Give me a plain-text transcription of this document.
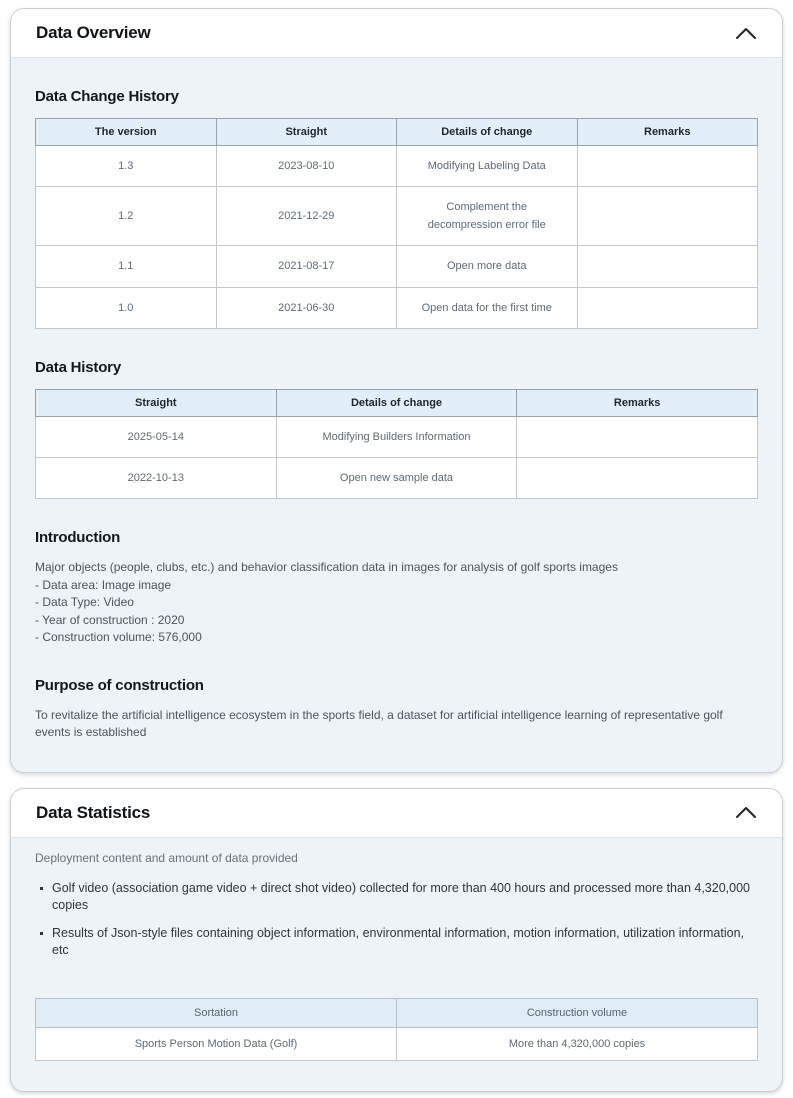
Data Overview
Data Change History
The version	Straight	Details of change	Remarks
1.3	2023-08-10	Modifying Labeling Data	
1.2	2021-12-29	Complement the decompression error file	
1.1	2021-08-17	Open more data	
1.0	2021-06-30	Open data for the first time	
Data History
Straight	Details of change	Remarks
2025-05-14	Modifying Builders Information	
2022-10-13	Open new sample data	
Introduction
Major objects (people, clubs, etc.) and behavior classification data in images for analysis of golf sports images
- Data area: Image image
- Data Type: Video
- Year of construction : 2020
- Construction volume: 576,000
Purpose of construction

To revitalize the artificial intelligence ecosystem in the sports field, a dataset for artificial intelligence learning of representative golf events is established

Data Statistics

Deployment content and amount of data provided

Golf video (association game video + direct shot video) collected for more than 400 hours and processed more than 4,320,000 copies
Results of Json-style files containing object information, environmental information, motion information, utilization information, etc
Sortation	Construction volume
Sports Person Motion Data (Golf)	More than 4,320,000 copies
